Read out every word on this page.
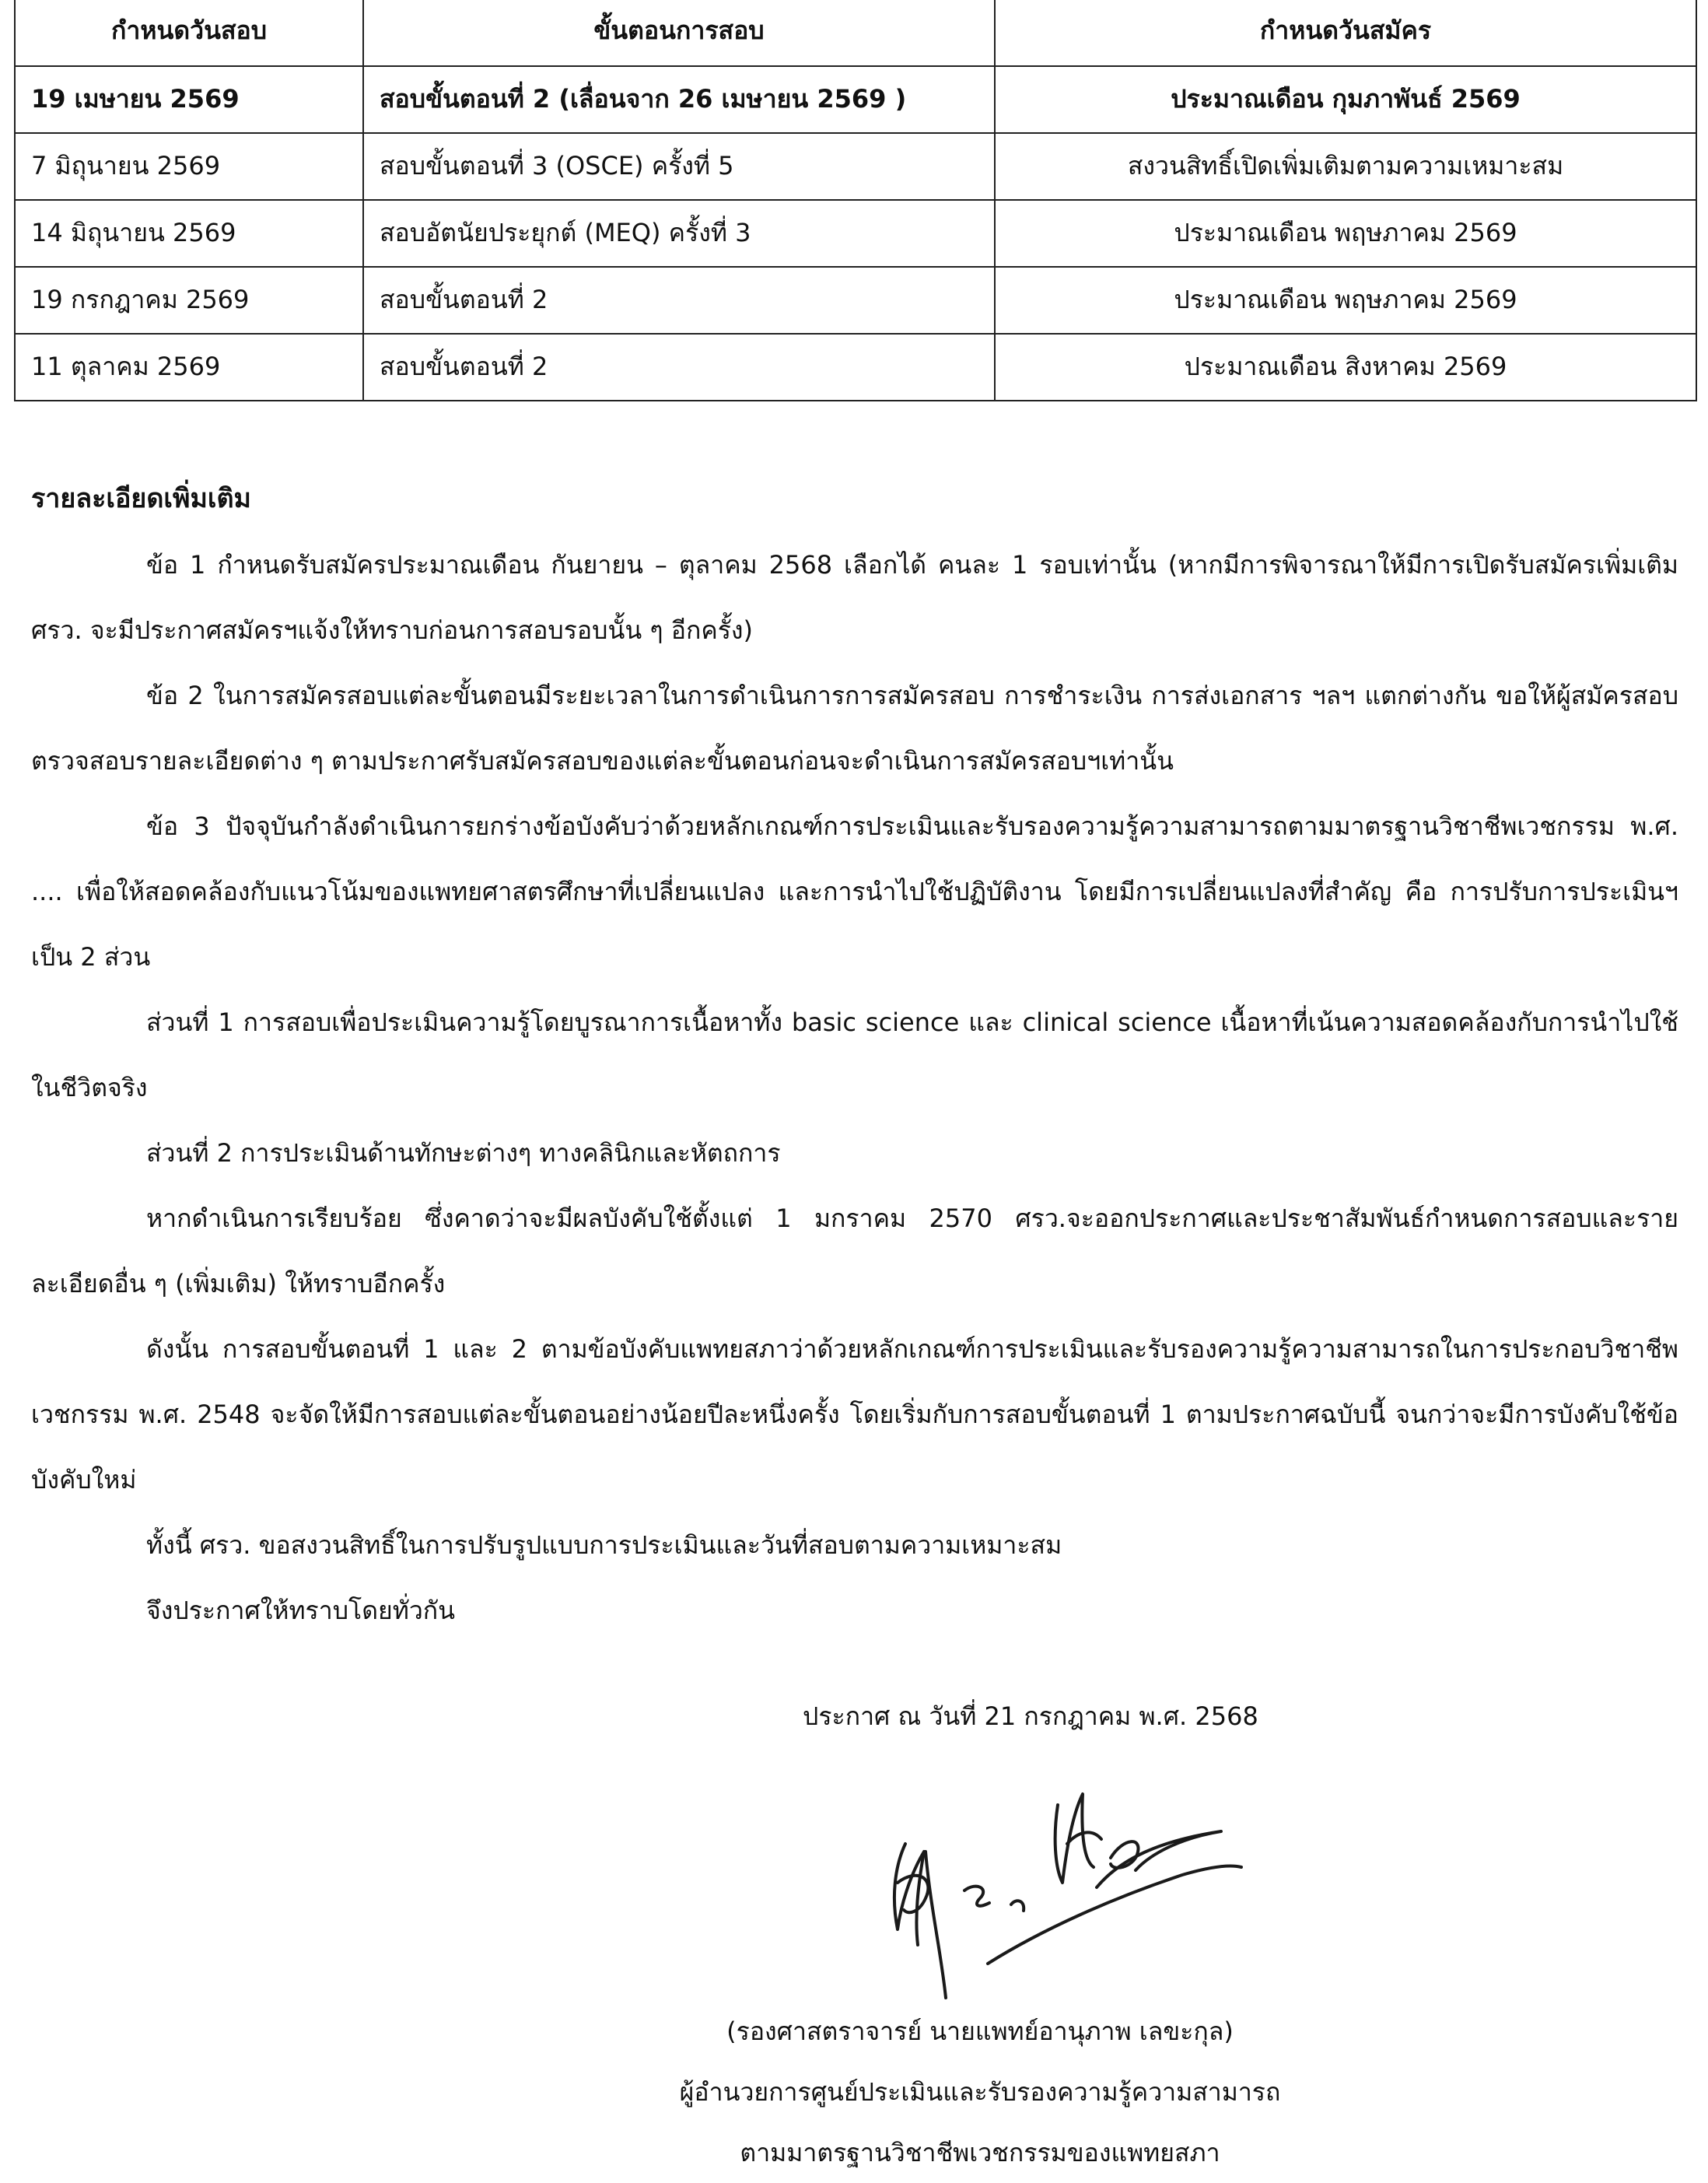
กำหนดวันสอบ	ขั้นตอนการสอบ	กำหนดวันสมัคร
19 เมษายน 2569	สอบขั้นตอนที่ 2 (เลื่อนจาก 26 เมษายน 2569 )	ประมาณเดือน กุมภาพันธ์ 2569
7 มิถุนายน 2569	สอบขั้นตอนที่ 3 (OSCE) ครั้งที่ 5	สงวนสิทธิ์เปิดเพิ่มเติมตามความเหมาะสม
14 มิถุนายน 2569	สอบอัตนัยประยุกต์ (MEQ) ครั้งที่ 3	ประมาณเดือน พฤษภาคม 2569
19 กรกฎาคม 2569	สอบขั้นตอนที่ 2	ประมาณเดือน พฤษภาคม 2569
11 ตุลาคม 2569	สอบขั้นตอนที่ 2	ประมาณเดือน สิงหาคม 2569
รายละเอียดเพิ่มเติม
ข้อ 1 กำหนดรับสมัครประมาณเดือน กันยายน – ตุลาคม 2568 เลือกได้ คนละ 1 รอบเท่านั้น (หากมีการพิจารณาให้มีการเปิดรับสมัครเพิ่มเติม ศรว. จะมีประกาศสมัครฯแจ้งให้ทราบก่อนการสอบรอบนั้น ๆ อีกครั้ง)
ข้อ 2 ในการสมัครสอบแต่ละขั้นตอนมีระยะเวลาในการดำเนินการการสมัครสอบ การชำระเงิน การส่งเอกสาร ฯลฯ แตกต่างกัน ขอให้ผู้สมัครสอบตรวจสอบรายละเอียดต่าง ๆ ตามประกาศรับสมัครสอบของแต่ละขั้นตอนก่อนจะดำเนินการสมัครสอบฯเท่านั้น
ข้อ 3 ปัจจุบันกำลังดำเนินการยกร่างข้อบังคับว่าด้วยหลักเกณฑ์การประเมินและรับรองความรู้ความสามารถตามมาตรฐานวิชาชีพเวชกรรม พ.ศ. .... เพื่อให้สอดคล้องกับแนวโน้มของแพทยศาสตรศึกษาที่เปลี่ยนแปลง และการนำไปใช้ปฏิบัติงาน โดยมีการเปลี่ยนแปลงที่สำคัญ คือ การปรับการประเมินฯ เป็น 2 ส่วน
ส่วนที่ 1 การสอบเพื่อประเมินความรู้โดยบูรณาการเนื้อหาทั้ง basic science และ clinical science เนื้อหาที่เน้นความสอดคล้องกับการนำไปใช้ในชีวิตจริง
ส่วนที่ 2 การประเมินด้านทักษะต่างๆ ทางคลินิกและหัตถการ
หากดำเนินการเรียบร้อย ซึ่งคาดว่าจะมีผลบังคับใช้ตั้งแต่ 1 มกราคม 2570 ศรว.จะออกประกาศและประชาสัมพันธ์กำหนดการสอบและรายละเอียดอื่น ๆ (เพิ่มเติม) ให้ทราบอีกครั้ง
ดังนั้น การสอบขั้นตอนที่ 1 และ 2 ตามข้อบังคับแพทยสภาว่าด้วยหลักเกณฑ์การประเมินและรับรองความรู้ความสามารถในการประกอบวิชาชีพเวชกรรม พ.ศ. 2548 จะจัดให้มีการสอบแต่ละขั้นตอนอย่างน้อยปีละหนึ่งครั้ง โดยเริ่มกับการสอบขั้นตอนที่ 1 ตามประกาศฉบับนี้ จนกว่าจะมีการบังคับใช้ข้อบังคับใหม่
ทั้งนี้ ศรว. ขอสงวนสิทธิ์ในการปรับรูปแบบการประเมินและวันที่สอบตามความเหมาะสม
จึงประกาศให้ทราบโดยทั่วกัน
ประกาศ ณ วันที่ 21 กรกฎาคม พ.ศ. 2568
(รองศาสตราจารย์ นายแพทย์อานุภาพ เลขะกุล)
ผู้อำนวยการศูนย์ประเมินและรับรองความรู้ความสามารถ
ตามมาตรฐานวิชาชีพเวชกรรมของแพทยสภา
